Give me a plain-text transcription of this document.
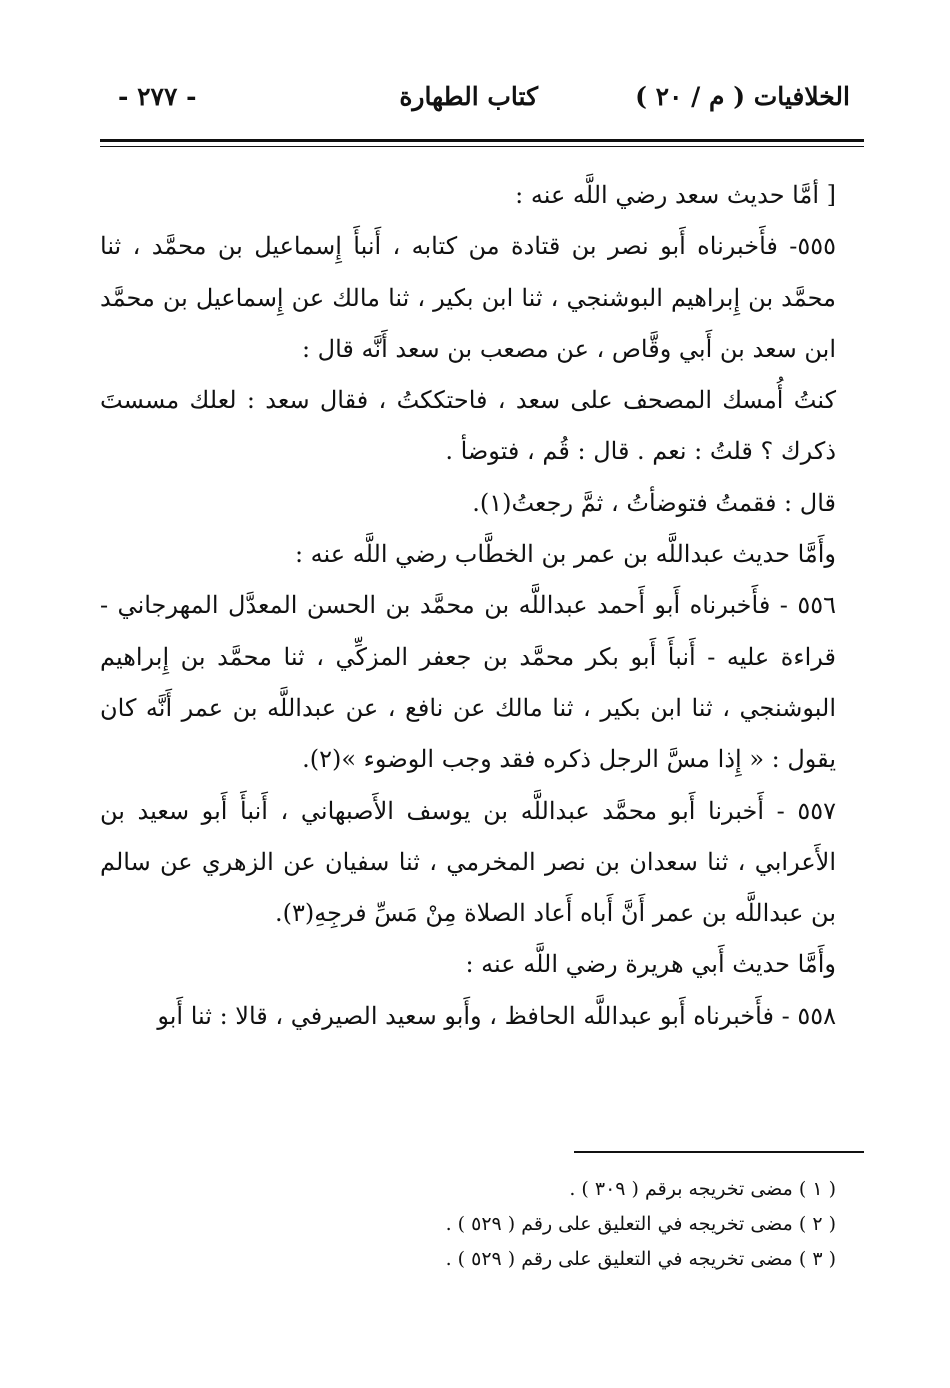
الخلافيات ( م / ٢٠ )
كتاب الطهارة
- ٢٧٧ -

[ أمَّا حديث سعد رضي اللَّه عنه :

٥٥٥- فأَخبرناه أَبو نصر بن قتادة من كتابه ، أَنبأَ إِسماعيل بن محمَّد ، ثنا محمَّد بن إِبراهيم البوشنجي ، ثنا ابن بكير ، ثنا مالك عن إِسماعيل بن محمَّد ابن سعد بن أَبي وقَّاص ، عن مصعب بن سعد أَنَّه قال :

كنتُ أُمسك المصحف على سعد ، فاحتككتُ ، فقال سعد : لعلك مسستَ ذكرك ؟ قلتُ : نعم . قال : قُم ، فتوضأ .

قال : فقمتُ فتوضأتُ ، ثمَّ رجعتُ(١).

وأَمَّا حديث عبداللَّه بن عمر بن الخطَّاب رضي اللَّه عنه :

٥٥٦ - فأَخبرناه أَبو أَحمد عبداللَّه بن محمَّد بن الحسن المعدَّل المهرجاني - قراءة عليه - أَنبأَ أَبو بكر محمَّد بن جعفر المزكِّي ، ثنا محمَّد بن إِبراهيم البوشنجي ، ثنا ابن بكير ، ثنا مالك عن نافع ، عن عبداللَّه بن عمر أَنَّه كان يقول : « إِذا مسَّ الرجل ذكره فقد وجب الوضوء »(٢).

٥٥٧ - أَخبرنا أَبو محمَّد عبداللَّه بن يوسف الأَصبهاني ، أَنبأَ أَبو سعيد بن الأَعرابي ، ثنا سعدان بن نصر المخرمي ، ثنا سفيان عن الزهري عن سالم بن عبداللَّه بن عمر أَنَّ أَباه أَعاد الصلاة مِنْ مَسِّ فرجِهِ(٣).

وأَمَّا حديث أَبي هريرة رضي اللَّه عنه :

٥٥٨ - فأَخبرناه أَبو عبداللَّه الحافظ ، وأَبو سعيد الصيرفي ، قالا : ثنا أَبو

( ١ ) مضى تخريجه برقم ( ٣٠٩ ) .

( ٢ ) مضى تخريجه في التعليق على رقم ( ٥٢٩ ) .

( ٣ ) مضى تخريجه في التعليق على رقم ( ٥٢٩ ) .
